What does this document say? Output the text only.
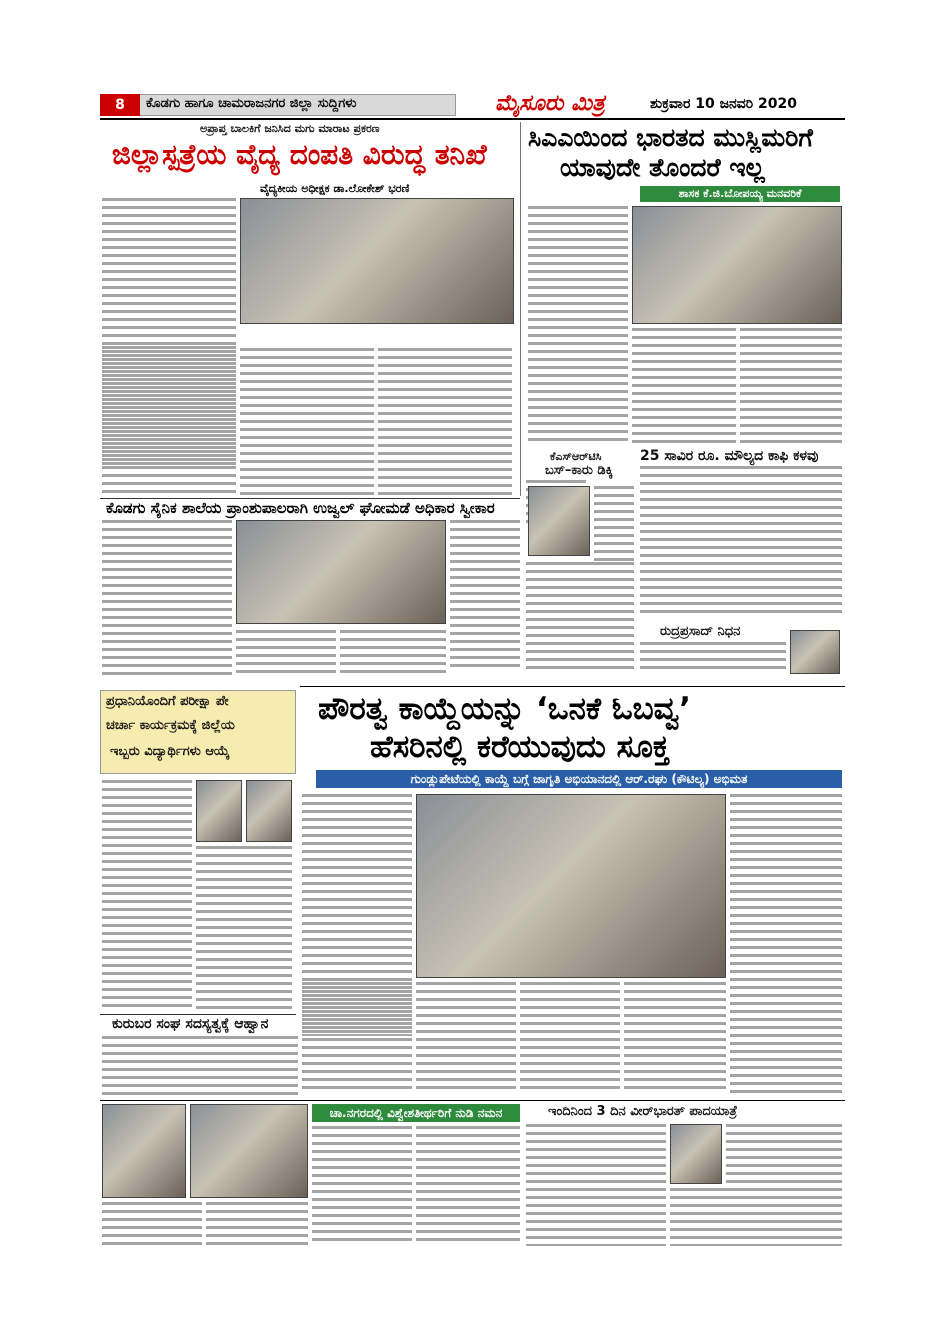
8	ಕೊಡಗು ಹಾಗೂ ಚಾಮರಾಜನಗರ ಜಿಲ್ಲಾ ಸುದ್ದಿಗಳು	ಮೈಸೂರು ಮಿತ್ರ	ಶುಕ್ರವಾರ 10 ಜನವರಿ 2020
ಅಪ್ರಾಪ್ತ ಬಾಲಕಿಗೆ ಜನಿಸಿದ ಮಗು ಮಾರಾಟ ಪ್ರಕರಣ
ಜಿಲ್ಲಾಸ್ಪತ್ರೆಯ ವೈದ್ಯ ದಂಪತಿ ವಿರುದ್ಧ ತನಿಖೆ
ವೈದ್ಯಕೀಯ ಅಧೀಕ್ಷಕ ಡಾ.ಲೋಕೇಶ್ ಭರಣಿ
ಸಿಎಎಯಿಂದ ಭಾರತದ ಮುಸ್ಲಿಮರಿಗೆ
ಯಾವುದೇ ತೊಂದರೆ ಇಲ್ಲ
ಶಾಸಕ ಕೆ.ಜಿ.ಬೋಪಯ್ಯ ಮನವರಿಕೆ
ಕೆಎಸ್‌ಆರ್‌ಟಿಸಿ
ಬಸ್–ಕಾರು ಡಿಕ್ಕಿ
25 ಸಾವಿರ ರೂ. ಮೌಲ್ಯದ ಕಾಫಿ ಕಳವು
ರುದ್ರಪ್ರಸಾದ್ ನಿಧನ
ಕೊಡಗು ಸೈನಿಕ ಶಾಲೆಯ ಪ್ರಾಂಶುಪಾಲರಾಗಿ ಉಜ್ವಲ್ ಘೋಮಡೆ ಅಧಿಕಾರ ಸ್ವೀಕಾರ
ಪ್ರಧಾನಿಯೊಂದಿಗೆ ಪರೀಕ್ಷಾ ಪೇ
ಚರ್ಚಾ ಕಾರ್ಯಕ್ರಮಕ್ಕೆ ಜಿಲ್ಲೆಯ
ಇಬ್ಬರು ವಿದ್ಯಾರ್ಥಿಗಳು ಆಯ್ಕೆ
ಪೌರತ್ವ ಕಾಯ್ದೆಯನ್ನು ‘ಒನಕೆ ಓಬವ್ವ’
ಹೆಸರಿನಲ್ಲಿ ಕರೆಯುವುದು ಸೂಕ್ತ
ಗುಂಡ್ಲುಪೇಟೆಯಲ್ಲಿ ಕಾಯ್ದೆ ಬಗ್ಗೆ ಜಾಗೃತಿ ಅಭಿಯಾನದಲ್ಲಿ ಆರ್.ರಘು (ಕೌಟಿಲ್ಯ) ಅಭಿಮತ
ಕುರುಬರ ಸಂಘ ಸದಸ್ಯತ್ವಕ್ಕೆ ಆಹ್ವಾನ
ಚಾ.ನಗರದಲ್ಲಿ ವಿಶ್ವೇಶತೀರ್ಥರಿಗೆ ನುಡಿ ನಮನ	ಇಂದಿನಿಂದ 3 ದಿನ ವೀರ್‌ಭಾರತ್ ಪಾದಯಾತ್ರೆ
